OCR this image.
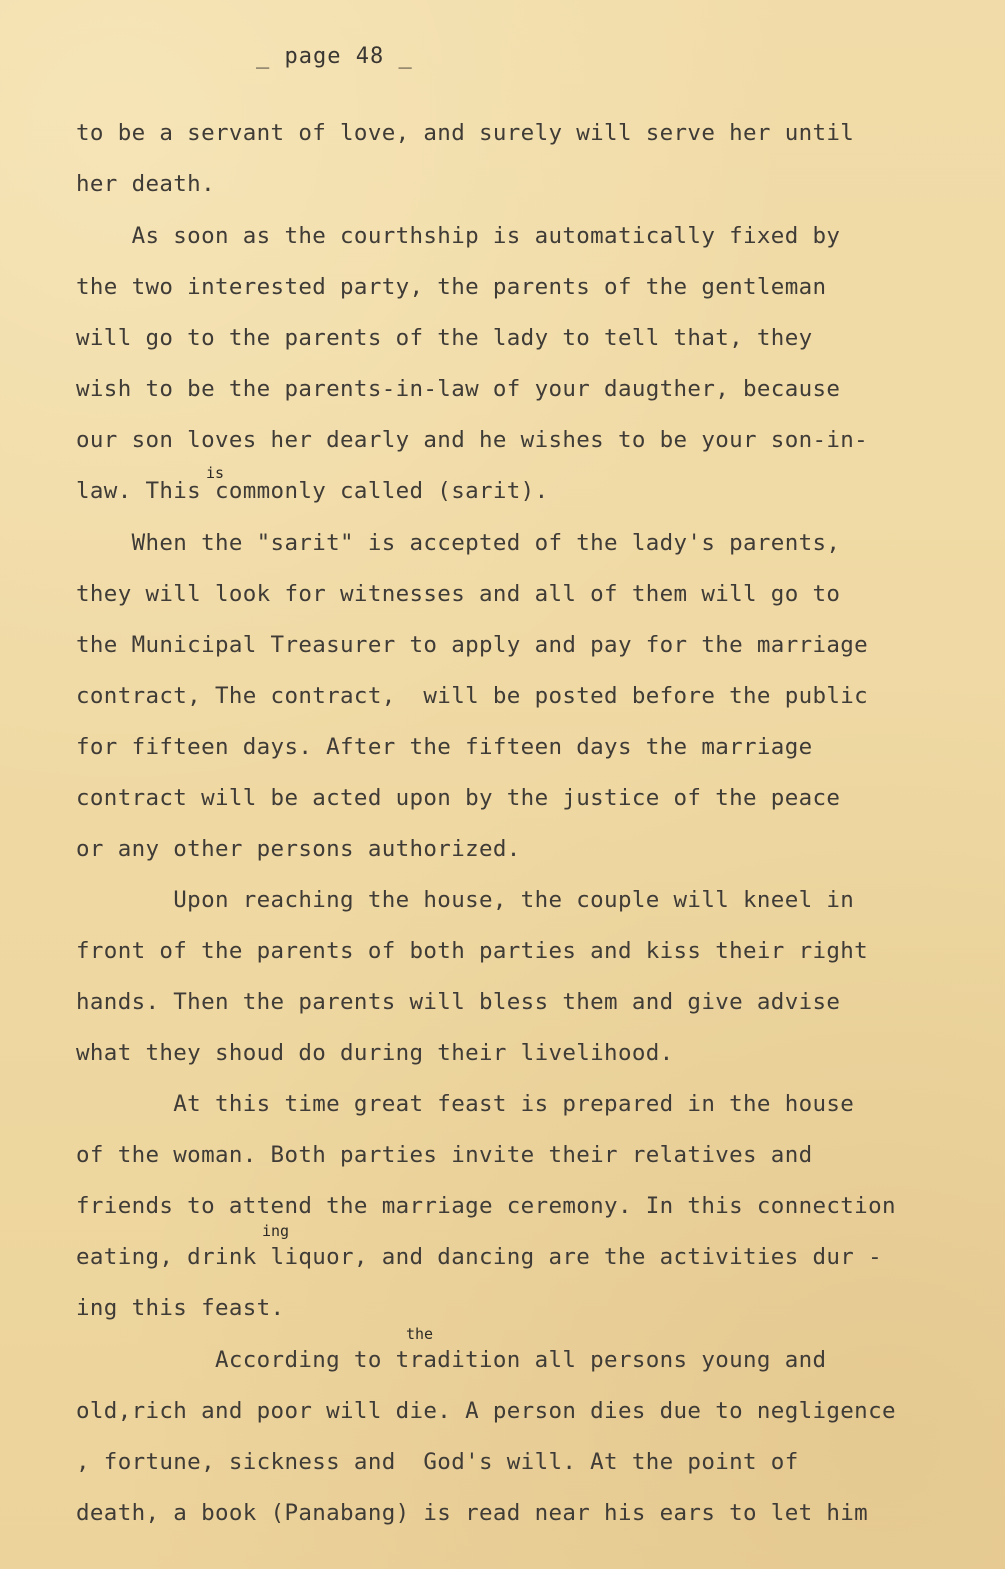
_ page 48 _
to be a servant of love, and surely will serve her until
her death.
As soon as the courthship is automatically fixed by
the two interested party, the parents of the gentleman
will go to the parents of the lady to tell that, they
wish to be the parents-in-law of your daugther, because
our son loves her dearly and he wishes to be your son-in-
is
law. This commonly called (sarit).
When the "sarit" is accepted of the lady's parents,
they will look for witnesses and all of them will go to
the Municipal Treasurer to apply and pay for the marriage
contract, The contract,  will be posted before the public
for fifteen days. After the fifteen days the marriage
contract will be acted upon by the justice of the peace
or any other persons authorized.
Upon reaching the house, the couple will kneel in
front of the parents of both parties and kiss their right
hands. Then the parents will bless them and give advise
what they shoud do during their livelihood.
At this time great feast is prepared in the house
of the woman. Both parties invite their relatives and
friends to attend the marriage ceremony. In this connection
ing
eating, drink liquor, and dancing are the activities dur -
ing this feast.
the
According to tradition all persons young and
old,rich and poor will die. A person dies due to negligence
, fortune, sickness and  God's will. At the point of
death, a book (Panabang) is read near his ears to let him
